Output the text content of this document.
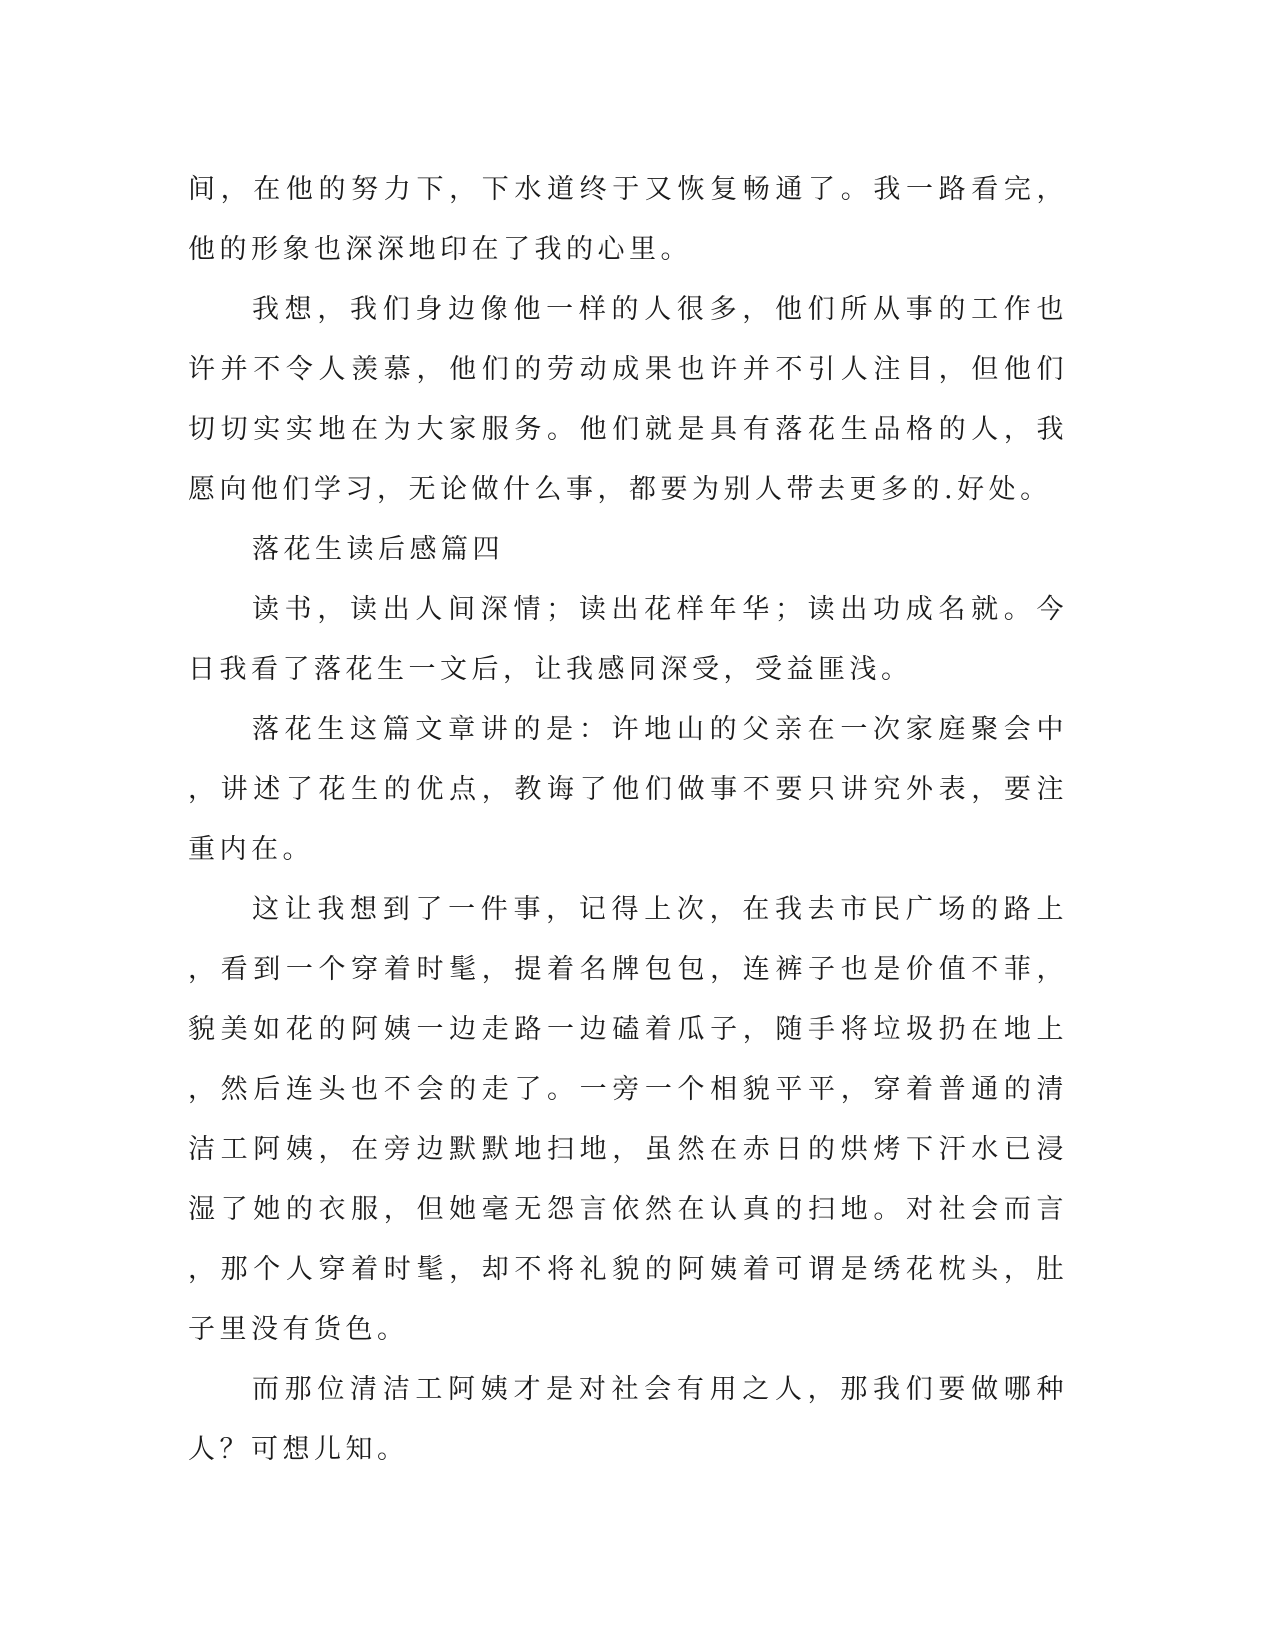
间，在他的努力下，下水道终于又恢复畅通了。我一路看完，他的形象也深深地印在了我的心里。

我想，我们身边像他一样的人很多，他们所从事的工作也许并不令人羡慕，他们的劳动成果也许并不引人注目，但他们切切实实地在为大家服务。他们就是具有落花生品格的人，我愿向他们学习，无论做什么事，都要为别人带去更多的.好处。

落花生读后感篇四

读书，读出人间深情；读出花样年华；读出功成名就。今日我看了落花生一文后，让我感同深受，受益匪浅。

落花生这篇文章讲的是：许地山的父亲在一次家庭聚会中，讲述了花生的优点，教诲了他们做事不要只讲究外表，要注重内在。

这让我想到了一件事，记得上次，在我去市民广场的路上，看到一个穿着时髦，提着名牌包包，连裤子也是价值不菲，貌美如花的阿姨一边走路一边磕着瓜子，随手将垃圾扔在地上，然后连头也不会的走了。一旁一个相貌平平，穿着普通的清洁工阿姨，在旁边默默地扫地，虽然在赤日的烘烤下汗水已浸湿了她的衣服，但她毫无怨言依然在认真的扫地。对社会而言，那个人穿着时髦，却不将礼貌的阿姨着可谓是绣花枕头，肚子里没有货色。

而那位清洁工阿姨才是对社会有用之人，那我们要做哪种人？可想儿知。
